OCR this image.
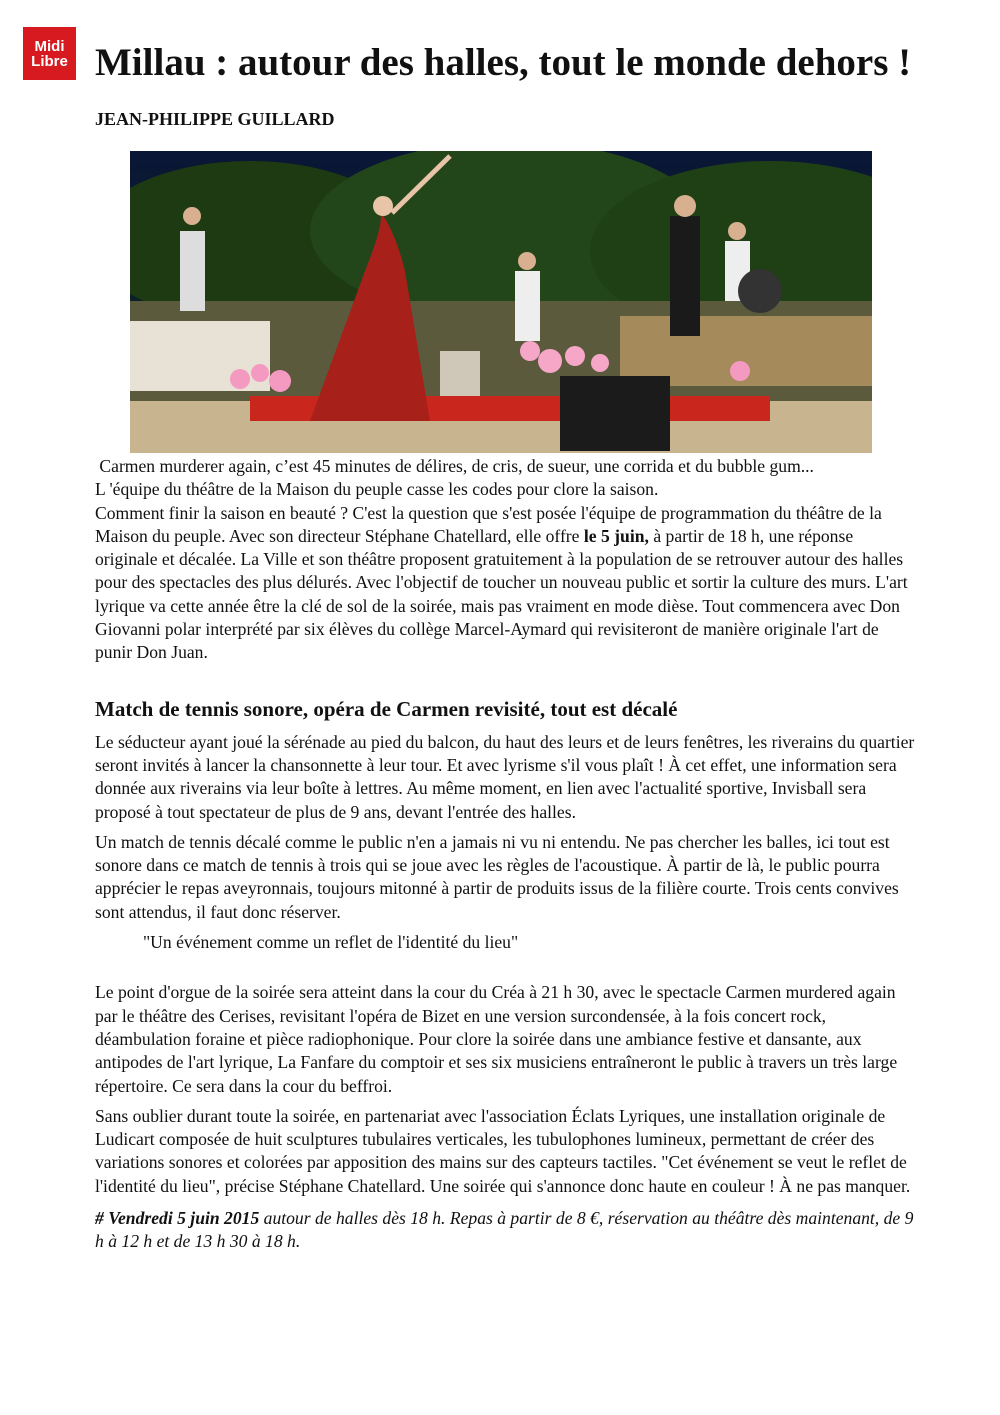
Midi
Libre Millau : autour des halles, tout le monde dehors ! JEAN-PHILIPPE GUILLARD

Carmen murderer again, c’est 45 minutes de délires, de cris, de sueur, une corrida et du bubble gum...

L 'équipe du théâtre de la Maison du peuple casse les codes pour clore la saison.

Comment finir la saison en beauté ? C'est la question que s'est posée l'équipe de programmation du théâtre de la Maison du peuple. Avec son directeur Stéphane Chatellard, elle offre le 5 juin, à partir de 18 h, une réponse originale et décalée. La Ville et son théâtre proposent gratuitement à la population de se retrouver autour des halles pour des spectacles des plus délurés. Avec l'objectif de toucher un nouveau public et sortir la culture des murs. L'art lyrique va cette année être la clé de sol de la soirée, mais pas vraiment en mode dièse. Tout commencera avec Don Giovanni polar interprété par six élèves du collège Marcel-Aymard qui revisiteront de manière originale l'art de punir Don Juan.

Match de tennis sonore, opéra de Carmen revisité, tout est décalé

Le séducteur ayant joué la sérénade au pied du balcon, du haut des leurs et de leurs fenêtres, les riverains du quartier seront invités à lancer la chansonnette à leur tour. Et avec lyrisme s'il vous plaît ! À cet effet, une information sera donnée aux riverains via leur boîte à lettres. Au même moment, en lien avec l'actualité sportive, Invisball sera proposé à tout spectateur de plus de 9 ans, devant l'entrée des halles.

Un match de tennis décalé comme le public n'en a jamais ni vu ni entendu. Ne pas chercher les balles, ici tout est sonore dans ce match de tennis à trois qui se joue avec les règles de l'acoustique. À partir de là, le public pourra apprécier le repas aveyronnais, toujours mitonné à partir de produits issus de la filière courte. Trois cents convives sont attendus, il faut donc réserver.

"Un événement comme un reflet de l'identité du lieu"

Le point d'orgue de la soirée sera atteint dans la cour du Créa à 21 h 30, avec le spectacle Carmen murdered again par le théâtre des Cerises, revisitant l'opéra de Bizet en une version surcondensée, à la fois concert rock, déambulation foraine et pièce radiophonique. Pour clore la soirée dans une ambiance festive et dansante, aux antipodes de l'art lyrique, La Fanfare du comptoir et ses six musiciens entraîneront le public à travers un très large répertoire. Ce sera dans la cour du beffroi.

Sans oublier durant toute la soirée, en partenariat avec l'association Éclats Lyriques, une installation originale de Ludicart composée de huit sculptures tubulaires verticales, les tubulophones lumineux, permettant de créer des variations sonores et colorées par apposition des mains sur des capteurs tactiles. "Cet événement se veut le reflet de l'identité du lieu", précise Stéphane Chatellard. Une soirée qui s'annonce donc haute en couleur ! À ne pas manquer.

# Vendredi 5 juin 2015 autour de halles dès 18 h. Repas à partir de 8 €, réservation au théâtre dès maintenant, de 9 h à 12 h et de 13 h 30 à 18 h.
